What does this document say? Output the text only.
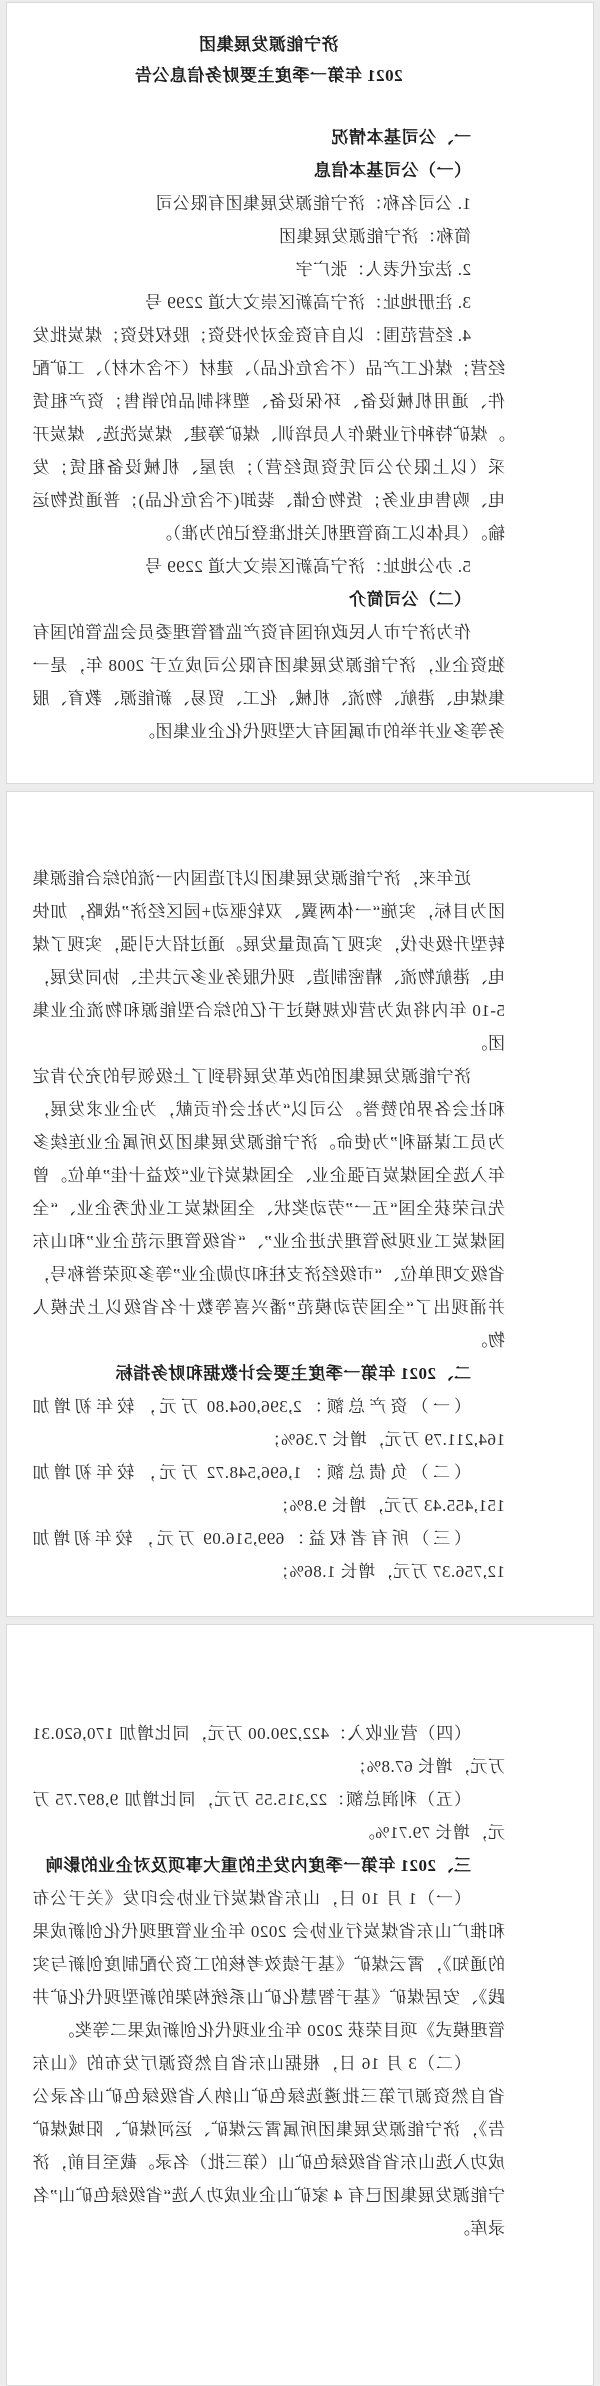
济宁能源发展集团
2021 年第一季度主要财务信息公告
一、公司基本情况
（一）公司基本信息
1. 公司名称：济宁能源发展集团有限公司
简称：济宁能源发展集团
2. 法定代表人：张广宇
3. 注册地址：济宁高新区崇文大道 2299 号
4. 经营范围：以自有资金对外投资；股权投资；煤炭批发经营；煤化工产品（不含危化品）、建材（不含木材）、工矿配件、通用机械设备、环保设备、塑料制品的销售；资产租赁 。煤矿特种行业操作人员培训、煤矿筹建、煤炭洗选、煤炭开采（以上限分公司凭资质经营）；房屋、机械设备租赁；发电、购售电业务；货物仓储、装卸(不含危化品)；普通货物运输。（具体以工商管理机关批准登记的为准）。
5. 办公地址：济宁高新区崇文大道 2299 号
（二）公司简介
作为济宁市人民政府国有资产监督管理委员会监管的国有独资企业，济宁能源发展集团有限公司成立于 2008 年，是一集煤电、港航、物流、机械、化工、贸易、新能源、教育、服务等多业并举的市属国有大型现代化企业集团。
近年来，济宁能源发展集团以打造国内一流的综合能源集团为目标，实施“一体两翼、双轮驱动+园区经济”战略，加快转型升级步伐，实现了高质量发展。通过招大引强，实现了煤电、港航物流、精密制造、现代服务业多元共生、协同发展，5-10 年内将成为营收规模过千亿的综合型能源和物流企业集团。
济宁能源发展集团的改革发展得到了上级领导的充分肯定和社会各界的赞誉。公司以“为社会作贡献，为企业求发展，为员工谋福利”为使命。济宁能源发展集团及所属企业连续多年入选全国煤炭百强企业、全国煤炭行业“效益十佳”单位。曾先后荣获全国“五一”劳动奖状、全国煤炭工业优秀企业、“全国煤炭工业现场管理先进企业”、“省级管理示范企业”和山东省级文明单位、“市级经济支柱和功勋企业”等多项荣誉称号，并涌现出了“全国劳动模范”潘兴喜等数十名省级以上先模人物。
二、2021 年第一季度主要会计数据和财务指标
（一）资产总额：2,396,064.80 万元，较年初增加164,211.79 万元，增长 7.36%；
（二）负债总额：1,696,548.72 万元，较年初增加151,455.43 万元，增长 9.8%；
（三）所有者权益：699,516.09 万元，较年初增加12,756.37 万元，增长 1.86%；
（四）营业收入：422,290.00 万元，同比增加 170,620.31万元，增长 67.8%；
（五）利润总额：22,315.55 万元，同比增加 9,897.75 万元，增长 79.71%。
三、2021 年第一季度内发生的重大事项及对企业的影响
（一）1 月 10 日，山东省煤炭行业协会印发《关于公布和推广山东省煤炭行业协会 2020 年企业管理现代化创新成果的通知》，霄云煤矿《基于绩效考核的工资分配制度创新与实践》、安居煤矿《基于智慧化矿山系统构架的新型现代化矿井管理模式》项目荣获 2020 年企业现代化创新成果二等奖。
（二）3 月 16 日，根据山东省自然资源厅发布的《山东省自然资源厅第三批遴选绿色矿山纳入省级绿色矿山名录公告》，济宁能源发展集团所属霄云煤矿、运河煤矿、阳城煤矿成功入选山东省省级绿色矿山（第三批）名录。截至目前，济宁能源发展集团已有 4 家矿山企业成功入选“省级绿色矿山”名录库。
